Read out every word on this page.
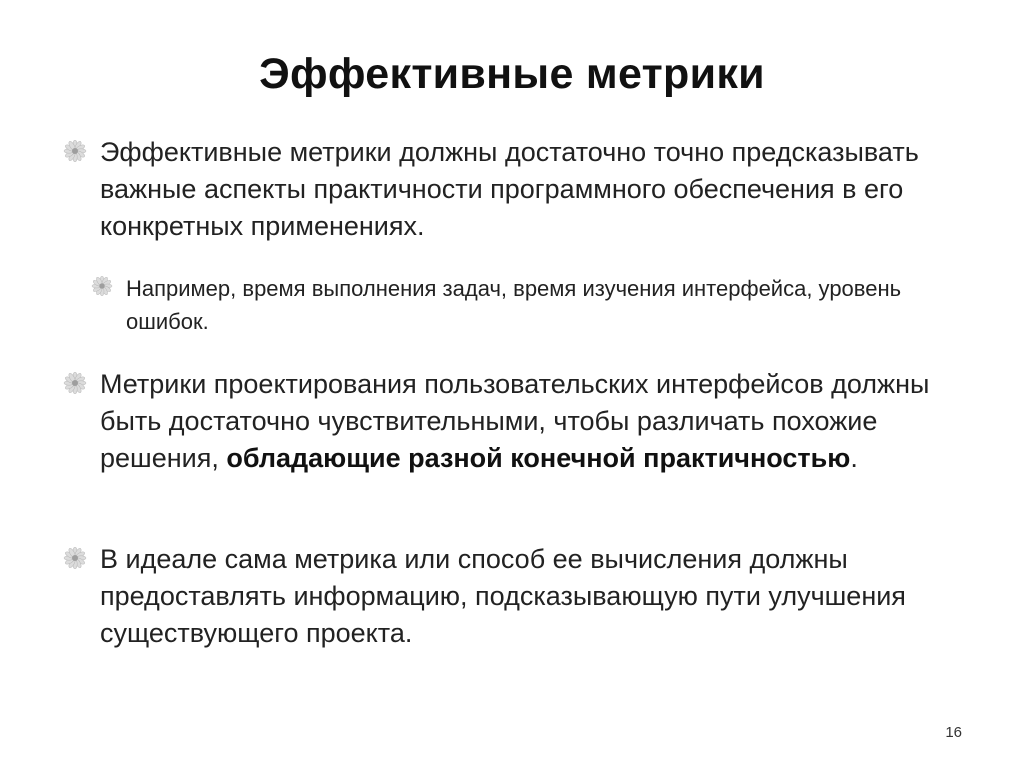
Эффективные метрики
Эффективные метрики должны достаточно точно предсказывать важные аспекты практичности программного обеспечения в его конкретных применениях.
Например, время выполнения задач, время изучения интерфейса, уровень ошибок.
Метрики проектирования пользовательских интерфейсов должны быть достаточно чувствительными, чтобы различать похожие решения, обладающие разной конечной практичностью.
В идеале сама метрика или способ ее вычисления должны предоставлять информацию, подсказывающую пути улучшения существующего проекта.
16
